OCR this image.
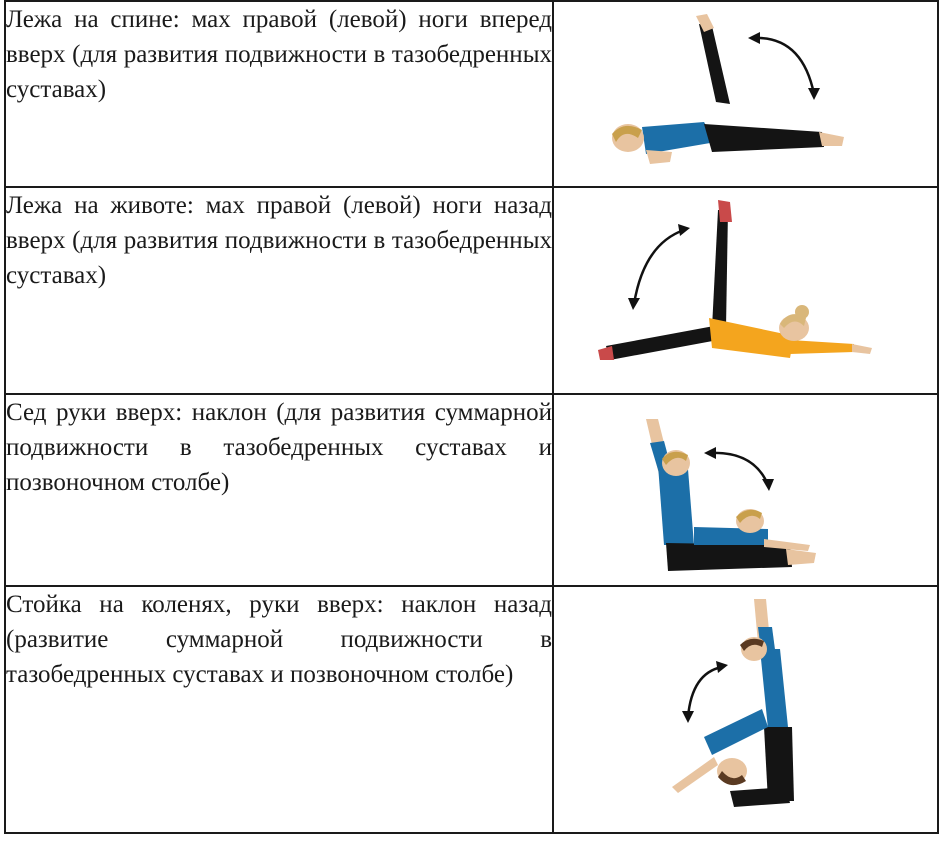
Лежа на спине: мах правой (левой) ноги вперед вверх (для развития подвижности в тазобедренных суставах)	

Лежа на животе: мах правой (левой) ноги назад вверх (для развития подвижности в тазобедренных суставах)	

Сед руки вверх: наклон (для развития суммарной подвижности в тазобедренных суставах и позвоночном столбе)	

Стойка на коленях, руки вверх: наклон назад (развитие суммарной подвижности в тазобедренных суставах и позвоночном столбе)	
